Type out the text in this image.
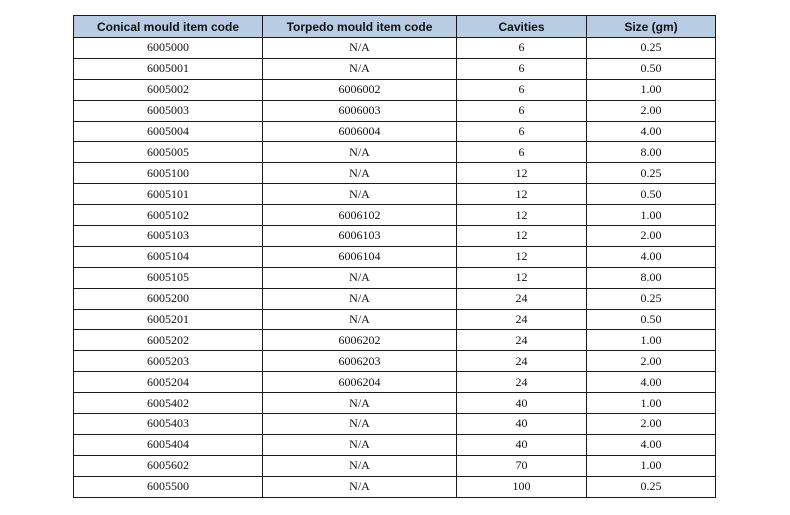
Conical mould item code	Torpedo mould item code	Cavities	Size (gm)
6005000	N/A	6	0.25
6005001	N/A	6	0.50
6005002	6006002	6	1.00
6005003	6006003	6	2.00
6005004	6006004	6	4.00
6005005	N/A	6	8.00
6005100	N/A	12	0.25
6005101	N/A	12	0.50
6005102	6006102	12	1.00
6005103	6006103	12	2.00
6005104	6006104	12	4.00
6005105	N/A	12	8.00
6005200	N/A	24	0.25
6005201	N/A	24	0.50
6005202	6006202	24	1.00
6005203	6006203	24	2.00
6005204	6006204	24	4.00
6005402	N/A	40	1.00
6005403	N/A	40	2.00
6005404	N/A	40	4.00
6005602	N/A	70	1.00
6005500	N/A	100	0.25
